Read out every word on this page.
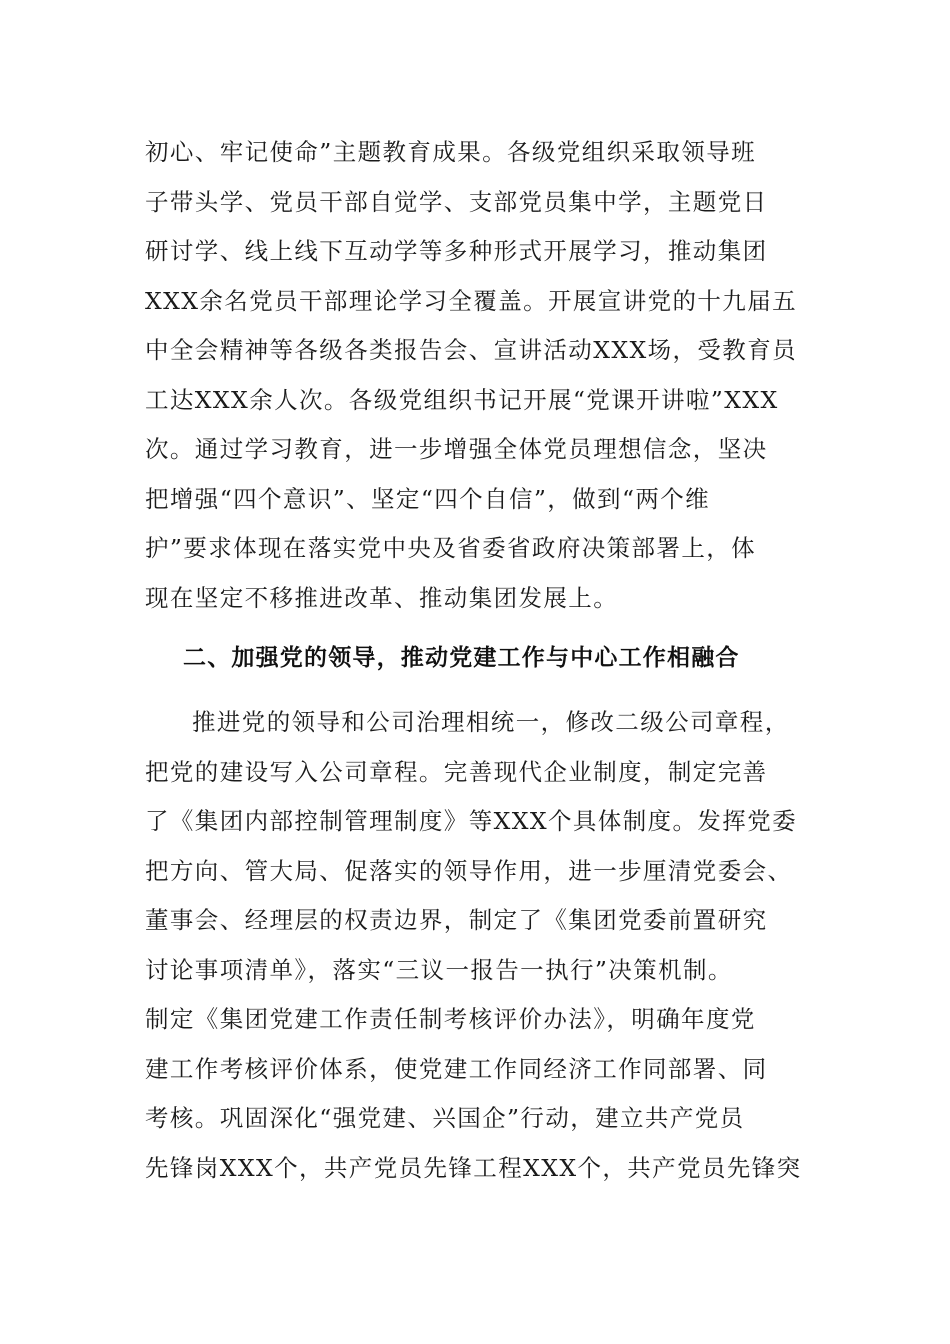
初心、牢记使命”主题教育成果。各级党组织采取领导班
子带头学、党员干部自觉学、支部党员集中学，主题党日
研讨学、线上线下互动学等多种形式开展学习，推动集团
XXX余名党员干部理论学习全覆盖。开展宣讲党的十九届五
中全会精神等各级各类报告会、宣讲活动XXX场，受教育员
工达XXX余人次。各级党组织书记开展“党课开讲啦”XXX
次。通过学习教育，进一步增强全体党员理想信念，坚决
把增强“四个意识”、坚定“四个自信”，做到“两个维
护”要求体现在落实党中央及省委省政府决策部署上，体
现在坚定不移推进改革、推动集团发展上。
二、加强党的领导，推动党建工作与中心工作相融合
推进党的领导和公司治理相统一，修改二级公司章程，
把党的建设写入公司章程。完善现代企业制度，制定完善
了《集团内部控制管理制度》等XXX个具体制度。发挥党委
把方向、管大局、促落实的领导作用，进一步厘清党委会、
董事会、经理层的权责边界，制定了《集团党委前置研究
讨论事项清单》，落实“三议一报告一执行”决策机制。
制定《集团党建工作责任制考核评价办法》，明确年度党
建工作考核评价体系，使党建工作同经济工作同部署、同
考核。巩固深化“强党建、兴国企”行动，建立共产党员
先锋岗XXX个，共产党员先锋工程XXX个，共产党员先锋突
